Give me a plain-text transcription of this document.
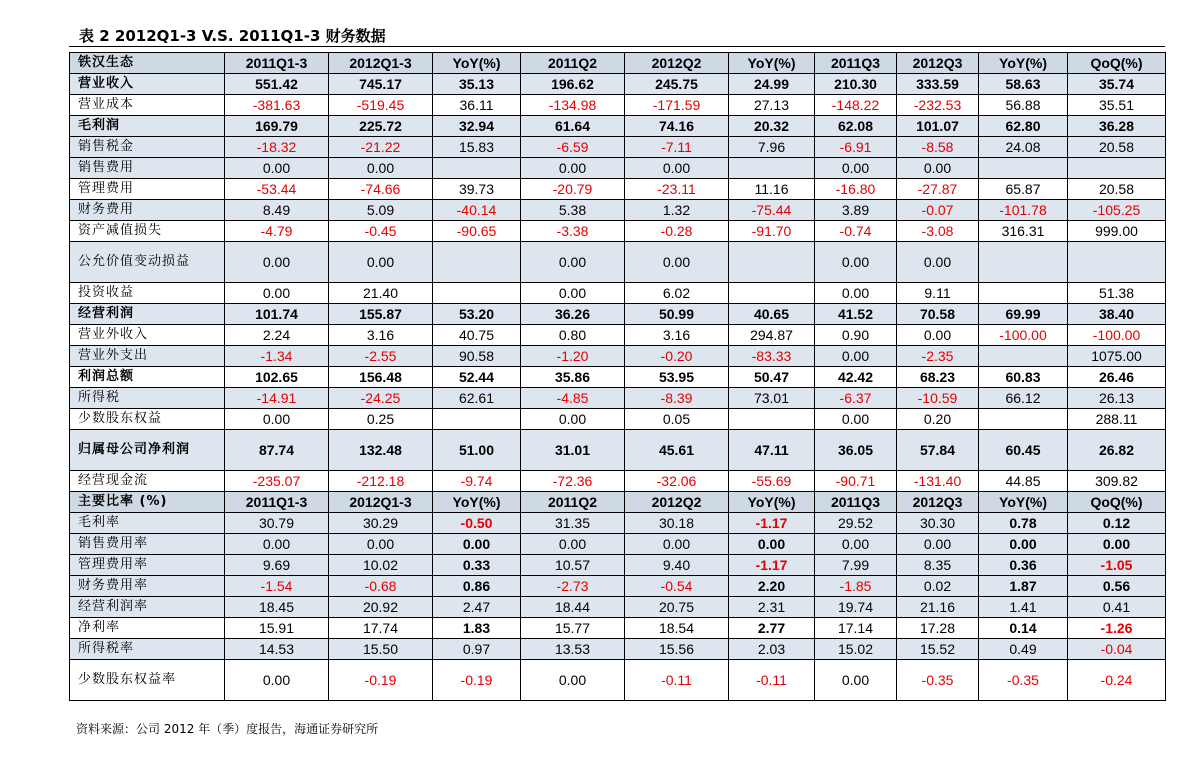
表 2 2012Q1-3 V.S. 2011Q1-3 财务数据
铁汉生态	2011Q1-3	2012Q1-3	YoY(%)	2011Q2	2012Q2	YoY(%)	2011Q3	2012Q3	YoY(%)	QoQ(%)
营业收入	551.42	745.17	35.13	196.62	245.75	24.99	210.30	333.59	58.63	35.74
营业成本	-381.63	-519.45	36.11	-134.98	-171.59	27.13	-148.22	-232.53	56.88	35.51
毛利润	169.79	225.72	32.94	61.64	74.16	20.32	62.08	101.07	62.80	36.28
销售税金	-18.32	-21.22	15.83	-6.59	-7.11	7.96	-6.91	-8.58	24.08	20.58
销售费用	0.00	0.00		0.00	0.00		0.00	0.00		
管理费用	-53.44	-74.66	39.73	-20.79	-23.11	11.16	-16.80	-27.87	65.87	20.58
财务费用	8.49	5.09	-40.14	5.38	1.32	-75.44	3.89	-0.07	-101.78	-105.25
资产减值损失	-4.79	-0.45	-90.65	-3.38	-0.28	-91.70	-0.74	-3.08	316.31	999.00
公允价值变动损益	0.00	0.00		0.00	0.00		0.00	0.00		
投资收益	0.00	21.40		0.00	6.02		0.00	9.11		51.38
经营利润	101.74	155.87	53.20	36.26	50.99	40.65	41.52	70.58	69.99	38.40
营业外收入	2.24	3.16	40.75	0.80	3.16	294.87	0.90	0.00	-100.00	-100.00
营业外支出	-1.34	-2.55	90.58	-1.20	-0.20	-83.33	0.00	-2.35		1075.00
利润总额	102.65	156.48	52.44	35.86	53.95	50.47	42.42	68.23	60.83	26.46
所得税	-14.91	-24.25	62.61	-4.85	-8.39	73.01	-6.37	-10.59	66.12	26.13
少数股东权益	0.00	0.25		0.00	0.05		0.00	0.20		288.11
归属母公司净利润	87.74	132.48	51.00	31.01	45.61	47.11	36.05	57.84	60.45	26.82
经营现金流	-235.07	-212.18	-9.74	-72.36	-32.06	-55.69	-90.71	-131.40	44.85	309.82
主要比率 (%)	2011Q1-3	2012Q1-3	YoY(%)	2011Q2	2012Q2	YoY(%)	2011Q3	2012Q3	YoY(%)	QoQ(%)
毛利率	30.79	30.29	-0.50	31.35	30.18	-1.17	29.52	30.30	0.78	0.12
销售费用率	0.00	0.00	0.00	0.00	0.00	0.00	0.00	0.00	0.00	0.00
管理费用率	9.69	10.02	0.33	10.57	9.40	-1.17	7.99	8.35	0.36	-1.05
财务费用率	-1.54	-0.68	0.86	-2.73	-0.54	2.20	-1.85	0.02	1.87	0.56
经营利润率	18.45	20.92	2.47	18.44	20.75	2.31	19.74	21.16	1.41	0.41
净利率	15.91	17.74	1.83	15.77	18.54	2.77	17.14	17.28	0.14	-1.26
所得税率	14.53	15.50	0.97	13.53	15.56	2.03	15.02	15.52	0.49	-0.04
少数股东权益率	0.00	-0.19	-0.19	0.00	-0.11	-0.11	0.00	-0.35	-0.35	-0.24
资料来源：公司 2012 年（季）度报告，海通证券研究所
